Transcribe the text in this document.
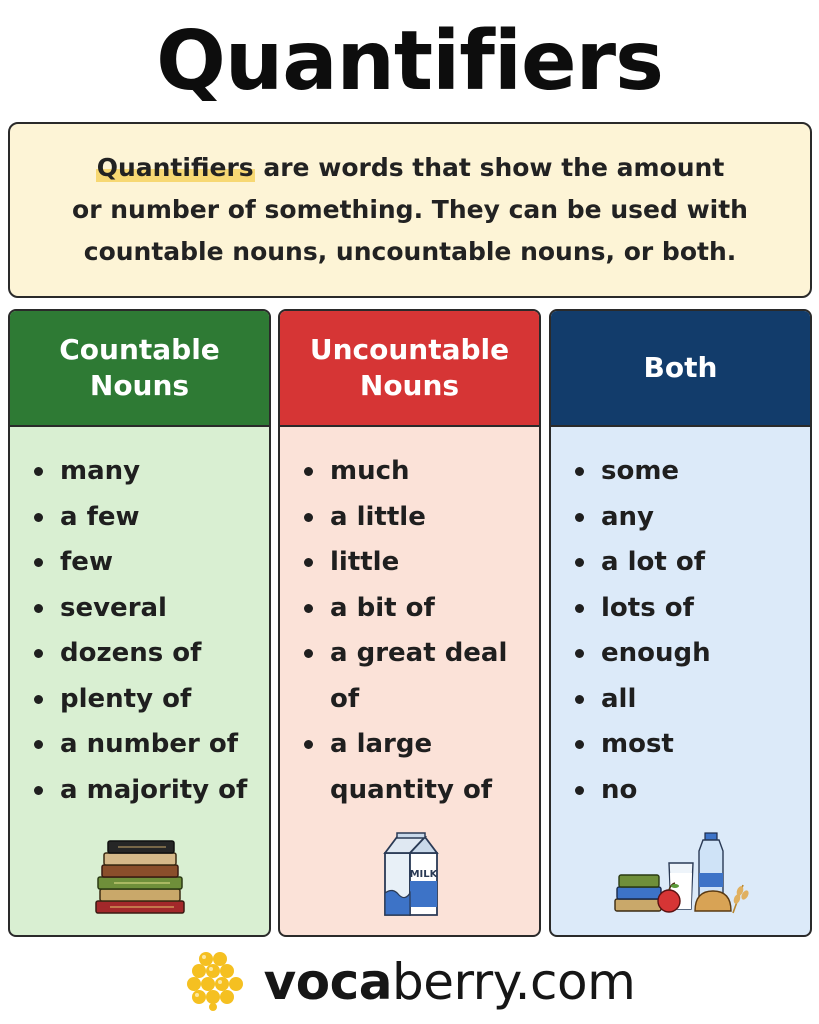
Quantifiers
Quantifiers are words that show the amount
or number of something. They can be used with
countable nouns, uncountable nouns, or both.
Countable
Nouns
many
a few
few
several
dozens of
plenty of
a number of
a majority of
Uncountable
Nouns
much
a little
little
a bit of
a great deal of
a large quantity of
MILK
Both
some
any
a lot of
lots of
enough
all
most
no
vocaberry.com
